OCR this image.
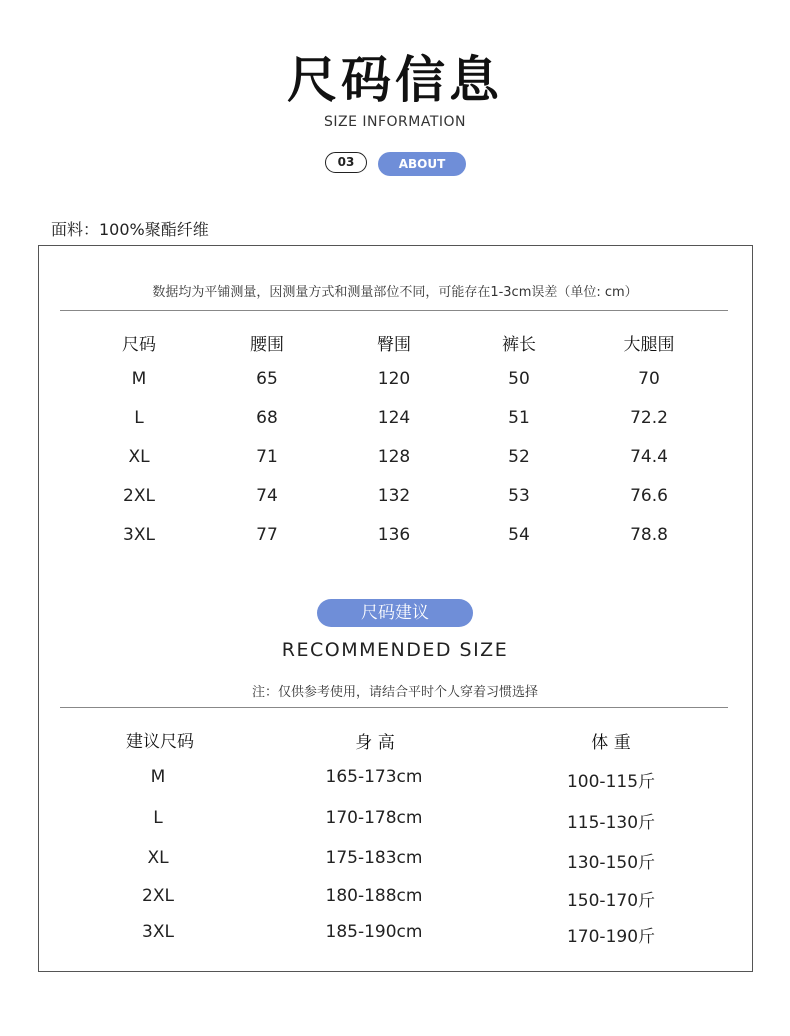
尺码信息
SIZE INFORMATION
03	ABOUT
面料：100%聚酯纤维
数据均为平铺测量，因测量方式和测量部位不同，可能存在1-3cm误差（单位: cm）
尺码	腰围	臀围	裤长	大腿围
M	65	120	50	70
L	68	124	51	72.2
XL	71	128	52	74.4
2XL	74	132	53	76.6
3XL	77	136	54	78.8
尺码建议
RECOMMENDED SIZE
注：仅供参考使用，请结合平时个人穿着习惯选择
建议尺码	身 高	体 重
M	165-173cm	100-115斤
L	170-178cm	115-130斤
XL	175-183cm	130-150斤
2XL	180-188cm	150-170斤
3XL	185-190cm	170-190斤
